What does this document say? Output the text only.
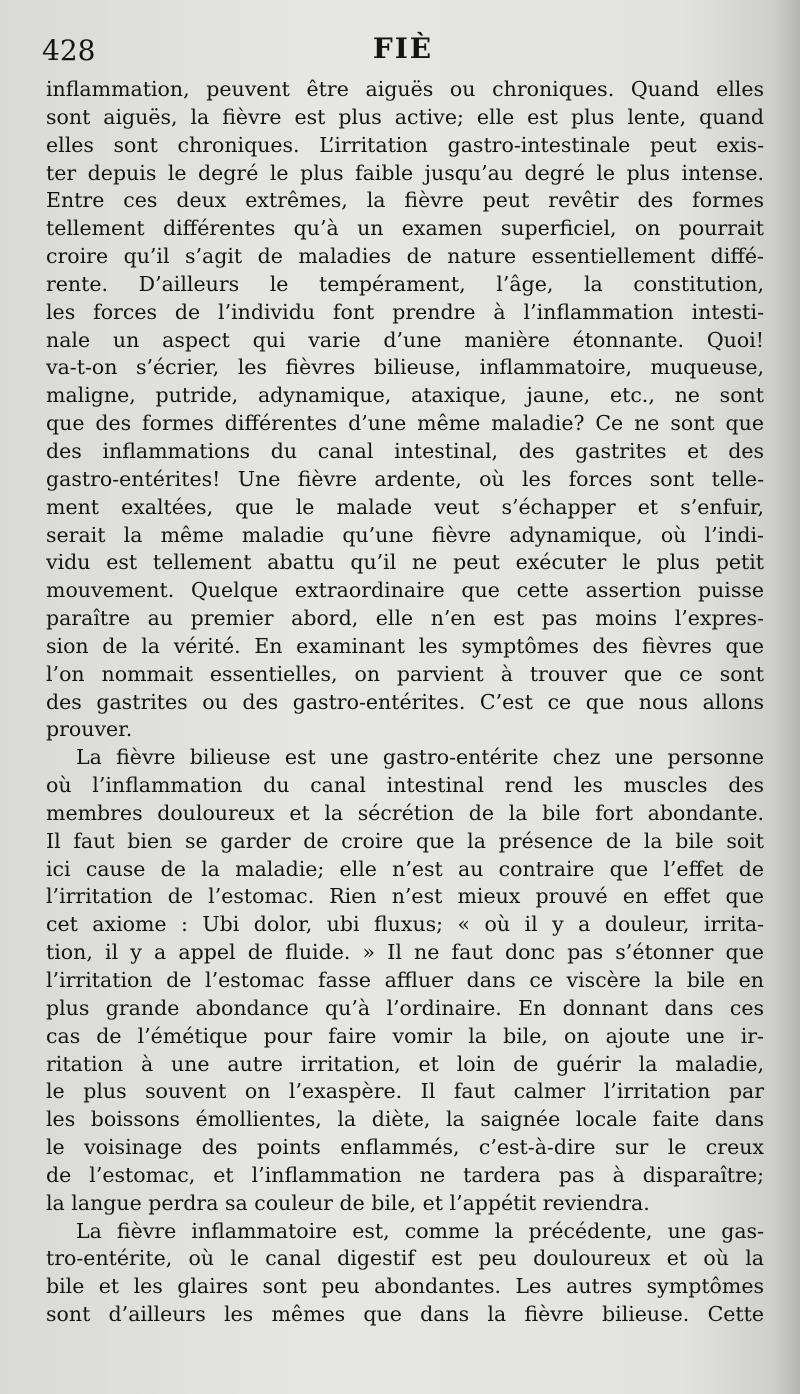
428	FIÈ
inflammation, peuvent être aiguës ou chroniques. Quand elles
sont aiguës, la fièvre est plus active; elle est plus lente, quand
elles sont chroniques. L’irritation gastro-intestinale peut exis-
ter depuis le degré le plus faible jusqu’au degré le plus intense.
Entre ces deux extrêmes, la fièvre peut revêtir des formes
tellement différentes qu’à un examen superficiel, on pourrait
croire qu’il s’agit de maladies de nature essentiellement diffé-
rente. D’ailleurs le tempérament, l’âge, la constitution,
les forces de l’individu font prendre à l’inflammation intesti-
nale un aspect qui varie d’une manière étonnante. Quoi!
va-t-on s’écrier, les fièvres bilieuse, inflammatoire, muqueuse,
maligne, putride, adynamique, ataxique, jaune, etc., ne sont
que des formes différentes d’une même maladie? Ce ne sont que
des inflammations du canal intestinal, des gastrites et des
gastro-entérites! Une fièvre ardente, où les forces sont telle-
ment exaltées, que le malade veut s’échapper et s’enfuir,
serait la même maladie qu’une fièvre adynamique, où l’indi-
vidu est tellement abattu qu’il ne peut exécuter le plus petit
mouvement. Quelque extraordinaire que cette assertion puisse
paraître au premier abord, elle n’en est pas moins l’expres-
sion de la vérité. En examinant les symptômes des fièvres que
l’on nommait essentielles, on parvient à trouver que ce sont
des gastrites ou des gastro-entérites. C’est ce que nous allons
prouver.
La fièvre bilieuse est une gastro-entérite chez une personne
où l’inflammation du canal intestinal rend les muscles des
membres douloureux et la sécrétion de la bile fort abondante.
Il faut bien se garder de croire que la présence de la bile soit
ici cause de la maladie; elle n’est au contraire que l’effet de
l’irritation de l’estomac. Rien n’est mieux prouvé en effet que
cet axiome : Ubi dolor, ubi fluxus; « où il y a douleur, irrita-
tion, il y a appel de fluide. » Il ne faut donc pas s’étonner que
l’irritation de l’estomac fasse affluer dans ce viscère la bile en
plus grande abondance qu’à l’ordinaire. En donnant dans ces
cas de l’émétique pour faire vomir la bile, on ajoute une ir-
ritation à une autre irritation, et loin de guérir la maladie,
le plus souvent on l’exaspère. Il faut calmer l’irritation par
les boissons émollientes, la diète, la saignée locale faite dans
le voisinage des points enflammés, c’est-à-dire sur le creux
de l’estomac, et l’inflammation ne tardera pas à disparaître;
la langue perdra sa couleur de bile, et l’appétit reviendra.
La fièvre inflammatoire est, comme la précédente, une gas-
tro-entérite, où le canal digestif est peu douloureux et où la
bile et les glaires sont peu abondantes. Les autres symptômes
sont d’ailleurs les mêmes que dans la fièvre bilieuse. Cette
